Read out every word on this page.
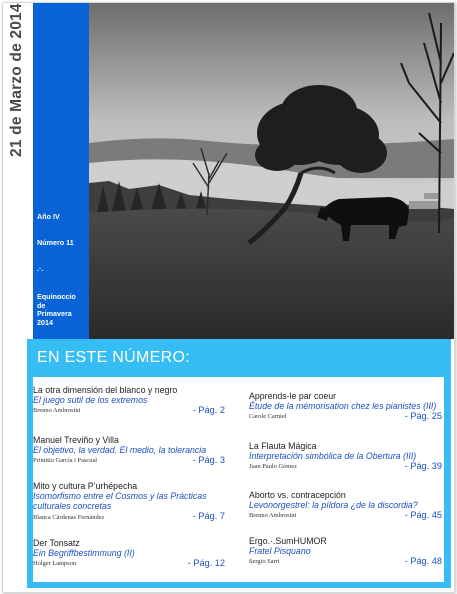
21 de Marzo de 2014

Año IV

Número 11

.·.

Equinoccio

de

Primavera

2014

EN ESTE NÚMERO:

La otra dimensión del blanco y negro

El juego sutil de los extremos

Brenno Ambrosini	- Pág. 2

Manuel Treviño y Villa

El objetivo, la verdad. El medio, la tolerancia

Primitiu García i Pascual	- Pág. 3

Mito y cultura P’urhépecha

Isomorfismo entre el Cosmos y las Prácticas

culturales concretas

Blanca Cárdenas Fernández	- Pág. 7

Der Tonsatz

Ein Begriffbestimmung (II)

Holger Lampson	- Pág. 12

Apprends-le par coeur

Étude de la mémorisation chez les pianistes (III)

Carole Carniel	- Pág. 25

La Flauta Mágica

Interpretación simbólica de la Obertura (III)

Juan Paulo Gómez	- Pág. 39

Aborto vs. contracepción

Levonorgestrel: la píldora ¿de la discordia?

Brenno Ambrosini	- Pág. 45

Ergo.·.SumHUMOR

Fratel Pisquano

Sergio Sarri	- Pág. 48
